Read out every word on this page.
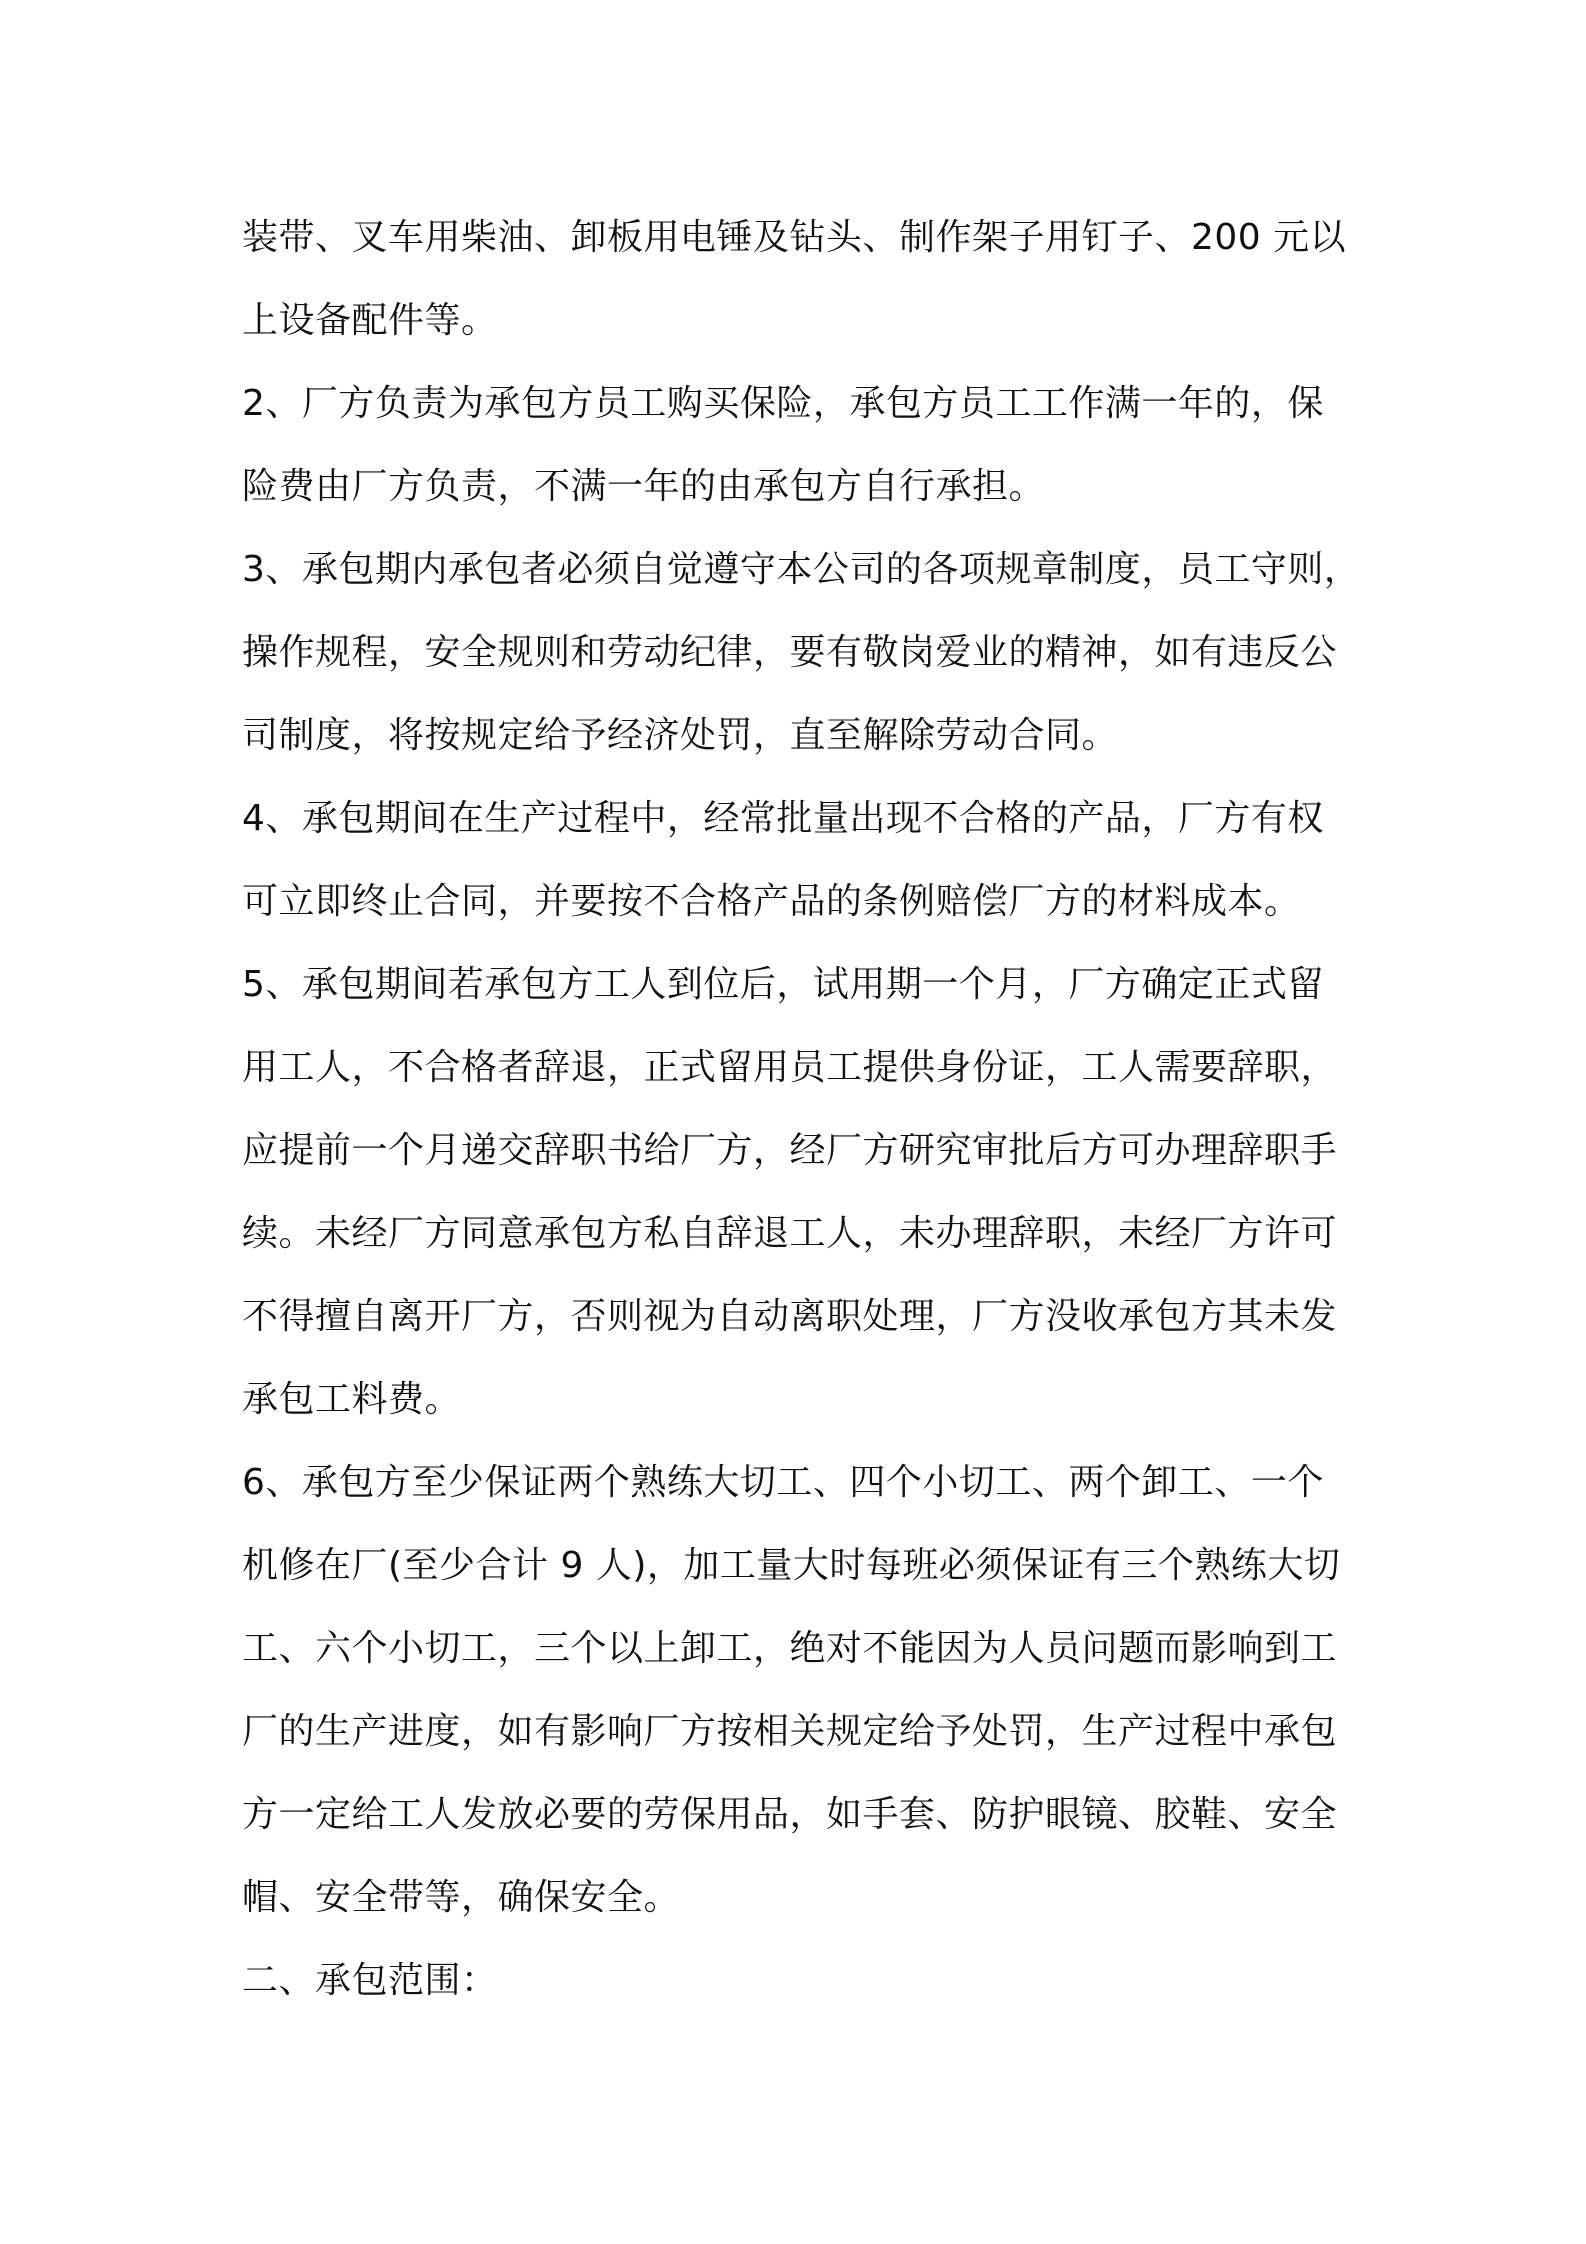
装带、叉车用柴油、卸板用电锤及钻头、制作架子用钉子、200 元以
上设备配件等。
2、厂方负责为承包方员工购买保险，承包方员工工作满一年的，保
险费由厂方负责，不满一年的由承包方自行承担。
3、承包期内承包者必须自觉遵守本公司的各项规章制度，员工守则，
操作规程，安全规则和劳动纪律，要有敬岗爱业的精神，如有违反公
司制度，将按规定给予经济处罚，直至解除劳动合同。
4、承包期间在生产过程中，经常批量出现不合格的产品，厂方有权
可立即终止合同，并要按不合格产品的条例赔偿厂方的材料成本。
5、承包期间若承包方工人到位后，试用期一个月，厂方确定正式留
用工人，不合格者辞退，正式留用员工提供身份证，工人需要辞职，
应提前一个月递交辞职书给厂方，经厂方研究审批后方可办理辞职手
续。未经厂方同意承包方私自辞退工人，未办理辞职，未经厂方许可
不得擅自离开厂方，否则视为自动离职处理，厂方没收承包方其未发
承包工料费。
6、承包方至少保证两个熟练大切工、四个小切工、两个卸工、一个
机修在厂(至少合计 9 人)，加工量大时每班必须保证有三个熟练大切
工、六个小切工，三个以上卸工，绝对不能因为人员问题而影响到工
厂的生产进度，如有影响厂方按相关规定给予处罚，生产过程中承包
方一定给工人发放必要的劳保用品，如手套、防护眼镜、胶鞋、安全
帽、安全带等，确保安全。
二、承包范围：
